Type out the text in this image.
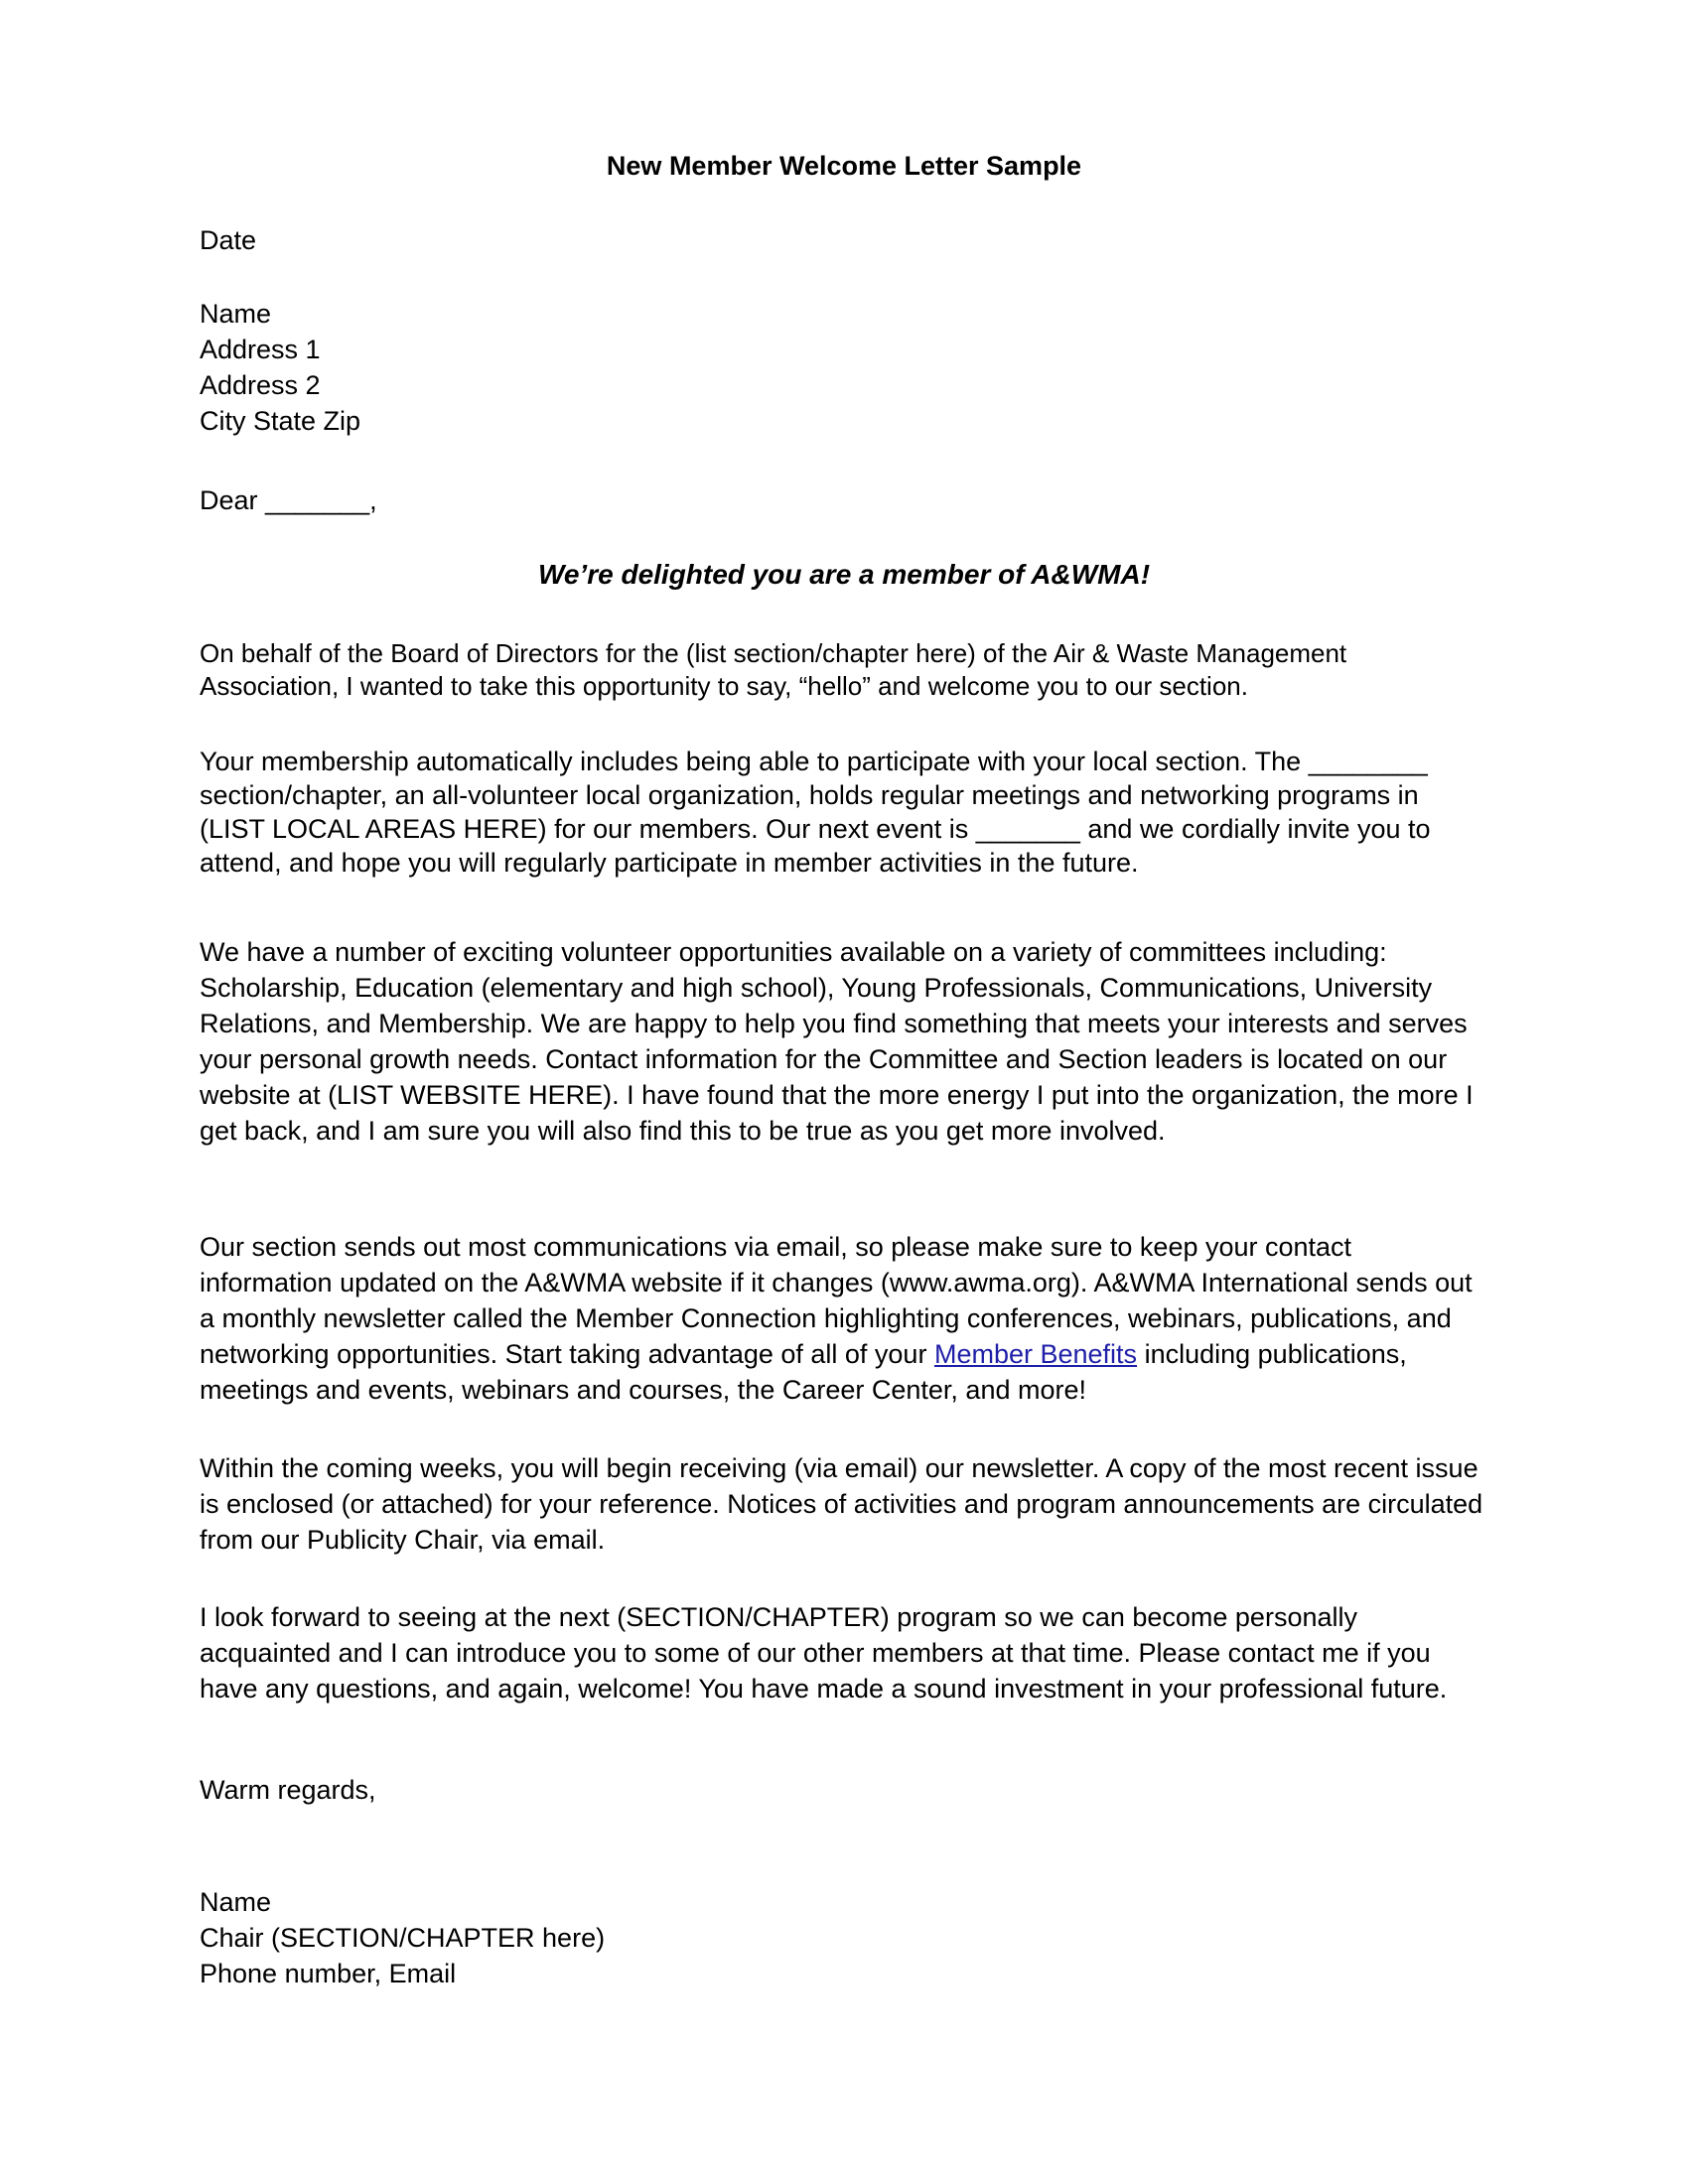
New Member Welcome Letter Sample

Date

Name
Address 1
Address 2
City State Zip

Dear _______,

We’re delighted you are a member of A&WMA!

On behalf of the Board of Directors for the (list section/chapter here) of the Air & Waste Management Association, I wanted to take this opportunity to say, “hello” and welcome you to our section.

Your membership automatically includes being able to participate with your local section. The ________ section/chapter, an all-volunteer local organization, holds regular meetings and networking programs in (LIST LOCAL AREAS HERE) for our members. Our next event is _______ and we cordially invite you to attend, and hope you will regularly participate in member activities in the future.

We have a number of exciting volunteer opportunities available on a variety of committees including: Scholarship, Education (elementary and high school), Young Professionals, Communications, University Relations, and Membership. We are happy to help you find something that meets your interests and serves your personal growth needs. Contact information for the Committee and Section leaders is located on our website at (LIST WEBSITE HERE). I have found that the more energy I put into the organization, the more I get back, and I am sure you will also find this to be true as you get more involved.

Our section sends out most communications via email, so please make sure to keep your contact information updated on the A&WMA website if it changes (www.awma.org). A&WMA International sends out a monthly newsletter called the Member Connection highlighting conferences, webinars, publications, and networking opportunities. Start taking advantage of all of your Member Benefits including publications, meetings and events, webinars and courses, the Career Center, and more!

Within the coming weeks, you will begin receiving (via email) our newsletter. A copy of the most recent issue is enclosed (or attached) for your reference. Notices of activities and program announcements are circulated from our Publicity Chair, via email.

I look forward to seeing at the next (SECTION/CHAPTER) program so we can become personally acquainted and I can introduce you to some of our other members at that time. Please contact me if you have any questions, and again, welcome! You have made a sound investment in your professional future.

Warm regards,

Name
Chair (SECTION/CHAPTER here)
Phone number, Email
